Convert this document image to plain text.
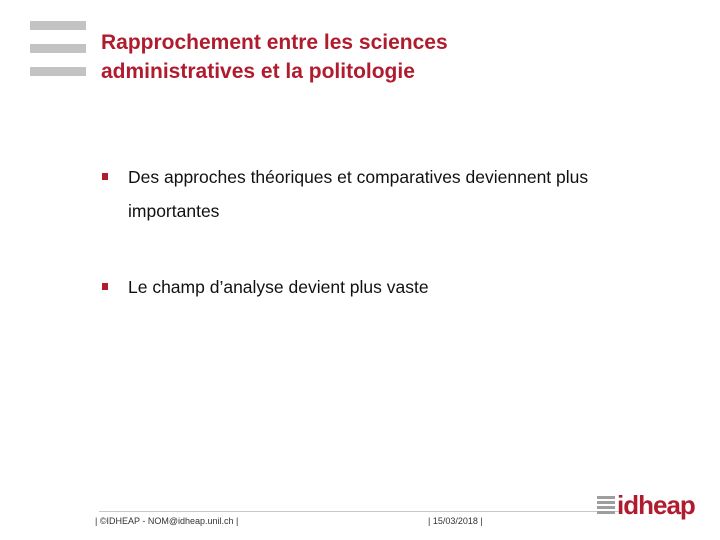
Rapprochement entre les sciences
administratives et la politologie
Des approches théoriques et comparatives deviennent plus importantes
Le champ d’analyse devient plus vaste
| ©IDHEAP - NOM@idheap.unil.ch |	| 15/03/2018 |
idheap
